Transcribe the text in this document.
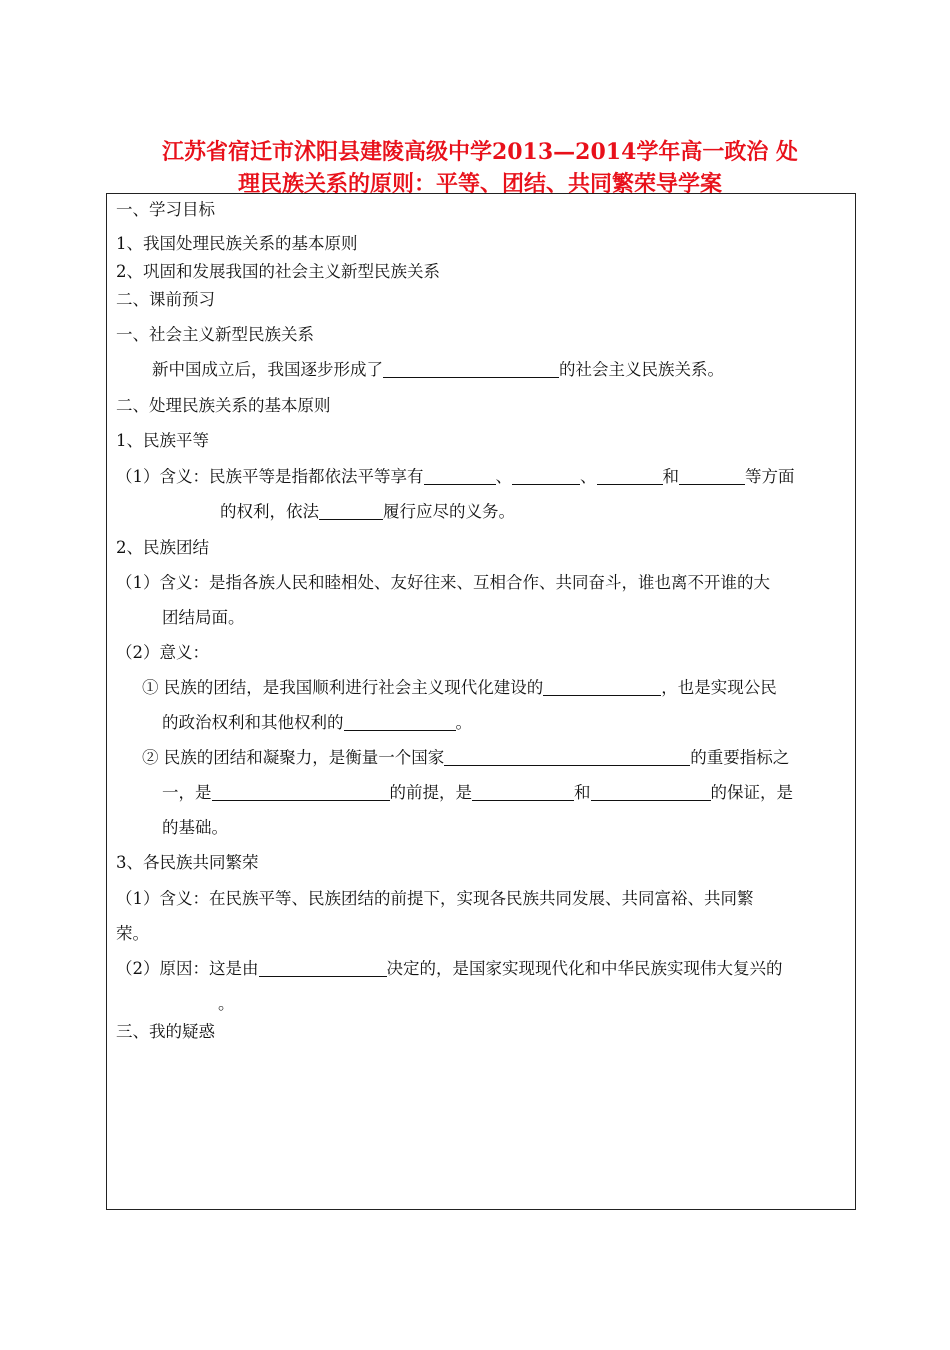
江苏省宿迁市沭阳县建陵高级中学2013—2014学年高一政治 处
理民族关系的原则：平等、团结、共同繁荣导学案
一、学习目标
1、我国处理民族关系的基本原则
2、巩固和发展我国的社会主义新型民族关系
二、课前预习
一、社会主义新型民族关系
新中国成立后，我国逐步形成了	的社会主义民族关系。
二、处理民族关系的基本原则
1、民族平等
（1）含义：民族平等是指都依法平等享有	、	、	和	等方面
的权利，依法	履行应尽的义务。
2、民族团结
（1）含义：是指各族人民和睦相处、友好往来、互相合作、共同奋斗，谁也离不开谁的大
团结局面。
（2）意义：
① 民族的团结，是我国顺利进行社会主义现代化建设的	，也是实现公民
的政治权利和其他权利的	。
② 民族的团结和凝聚力，是衡量一个国家	的重要指标之
一，是	的前提，是	和	的保证，是
的基础。
3、各民族共同繁荣
（1）含义：在民族平等、民族团结的前提下，实现各民族共同发展、共同富裕、共同繁
荣。
（2）原因：这是由	决定的，是国家实现现代化和中华民族实现伟大复兴的
。
三、我的疑惑
